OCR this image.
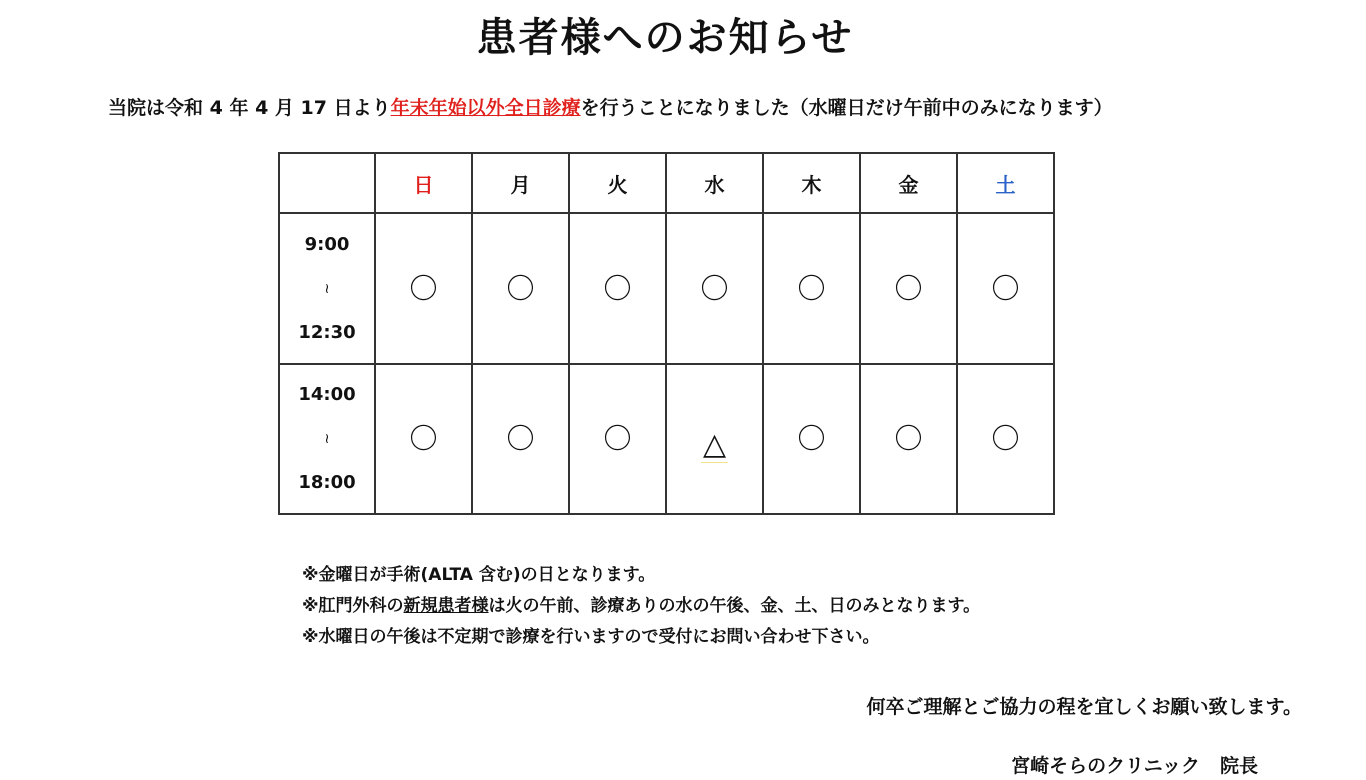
患者様へのお知らせ
当院は令和 4 年 4 月 17 日より年末年始以外全日診療を行うことになりました（水曜日だけ午前中のみになります）
	日	月	火	水	木	金	土

9:00
≀
12:30	〇	〇	〇	〇	〇	〇	〇

14:00
≀
18:00	〇	〇	〇	△	〇	〇	〇
※金曜日が手術(ALTA 含む)の日となります。
※肛門外科の新規患者様は火の午前、診療ありの水の午後、金、土、日のみとなります。
※水曜日の午後は不定期で診療を行いますので受付にお問い合わせ下さい。
何卒ご理解とご協力の程を宜しくお願い致します。
宮崎そらのクリニック 院長
